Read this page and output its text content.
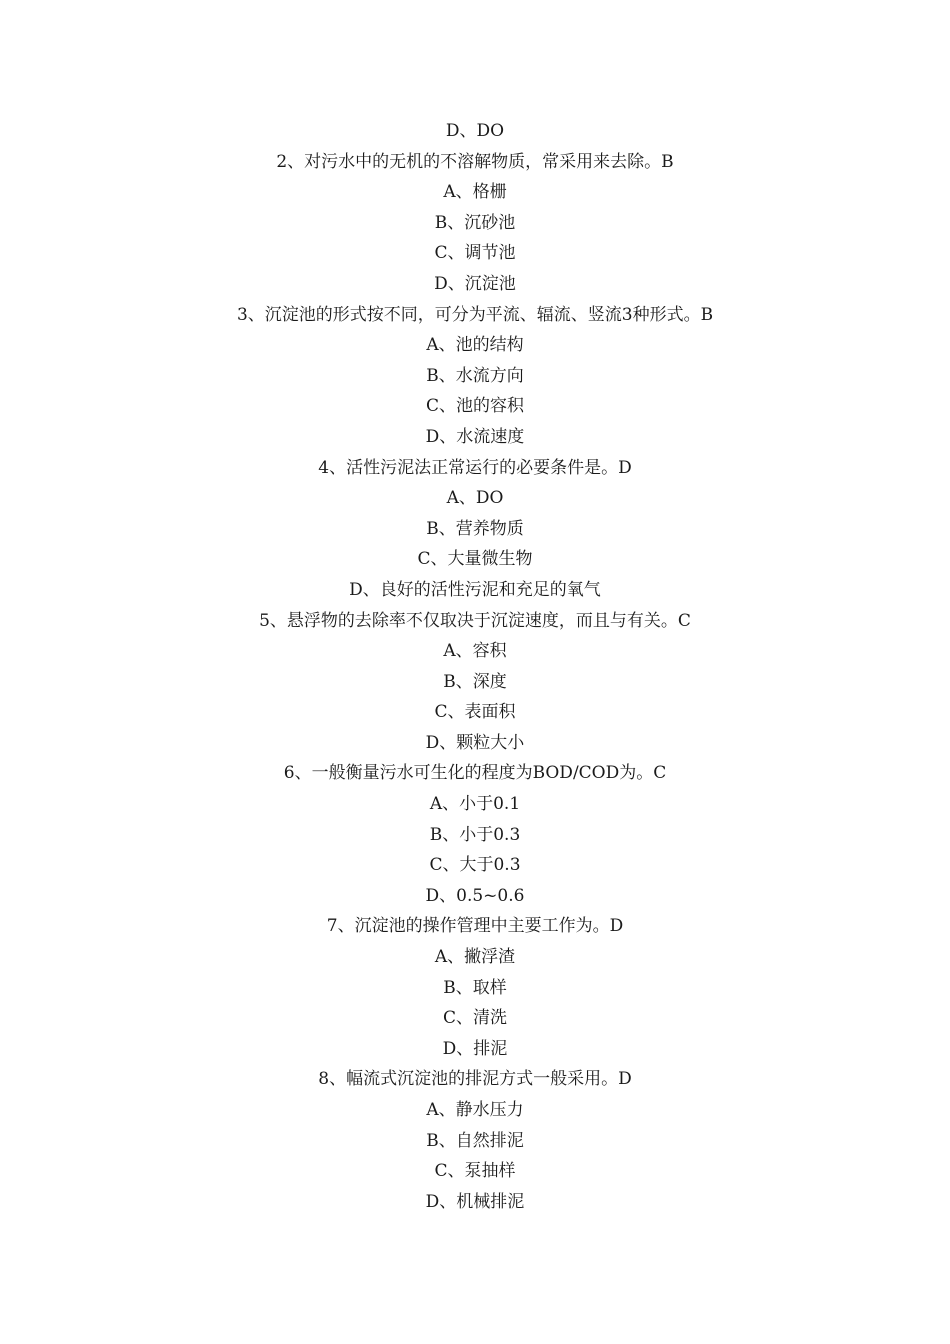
D、DO
2、对污水中的无机的不溶解物质，常采用来去除。B
A、格栅
B、沉砂池
C、调节池
D、沉淀池
3、沉淀池的形式按不同，可分为平流、辐流、竖流3种形式。B
A、池的结构
B、水流方向
C、池的容积
D、水流速度
4、活性污泥法正常运行的必要条件是。D
A、DO
B、营养物质
C、大量微生物
D、良好的活性污泥和充足的氧气
5、悬浮物的去除率不仅取决于沉淀速度，而且与有关。C
A、容积
B、深度
C、表面积
D、颗粒大小
6、一般衡量污水可生化的程度为BOD/COD为。C
A、小于0.1
B、小于0.3
C、大于0.3
D、0.5~0.6
7、沉淀池的操作管理中主要工作为。D
A、撇浮渣
B、取样
C、清洗
D、排泥
8、幅流式沉淀池的排泥方式一般采用。D
A、静水压力
B、自然排泥
C、泵抽样
D、机械排泥
